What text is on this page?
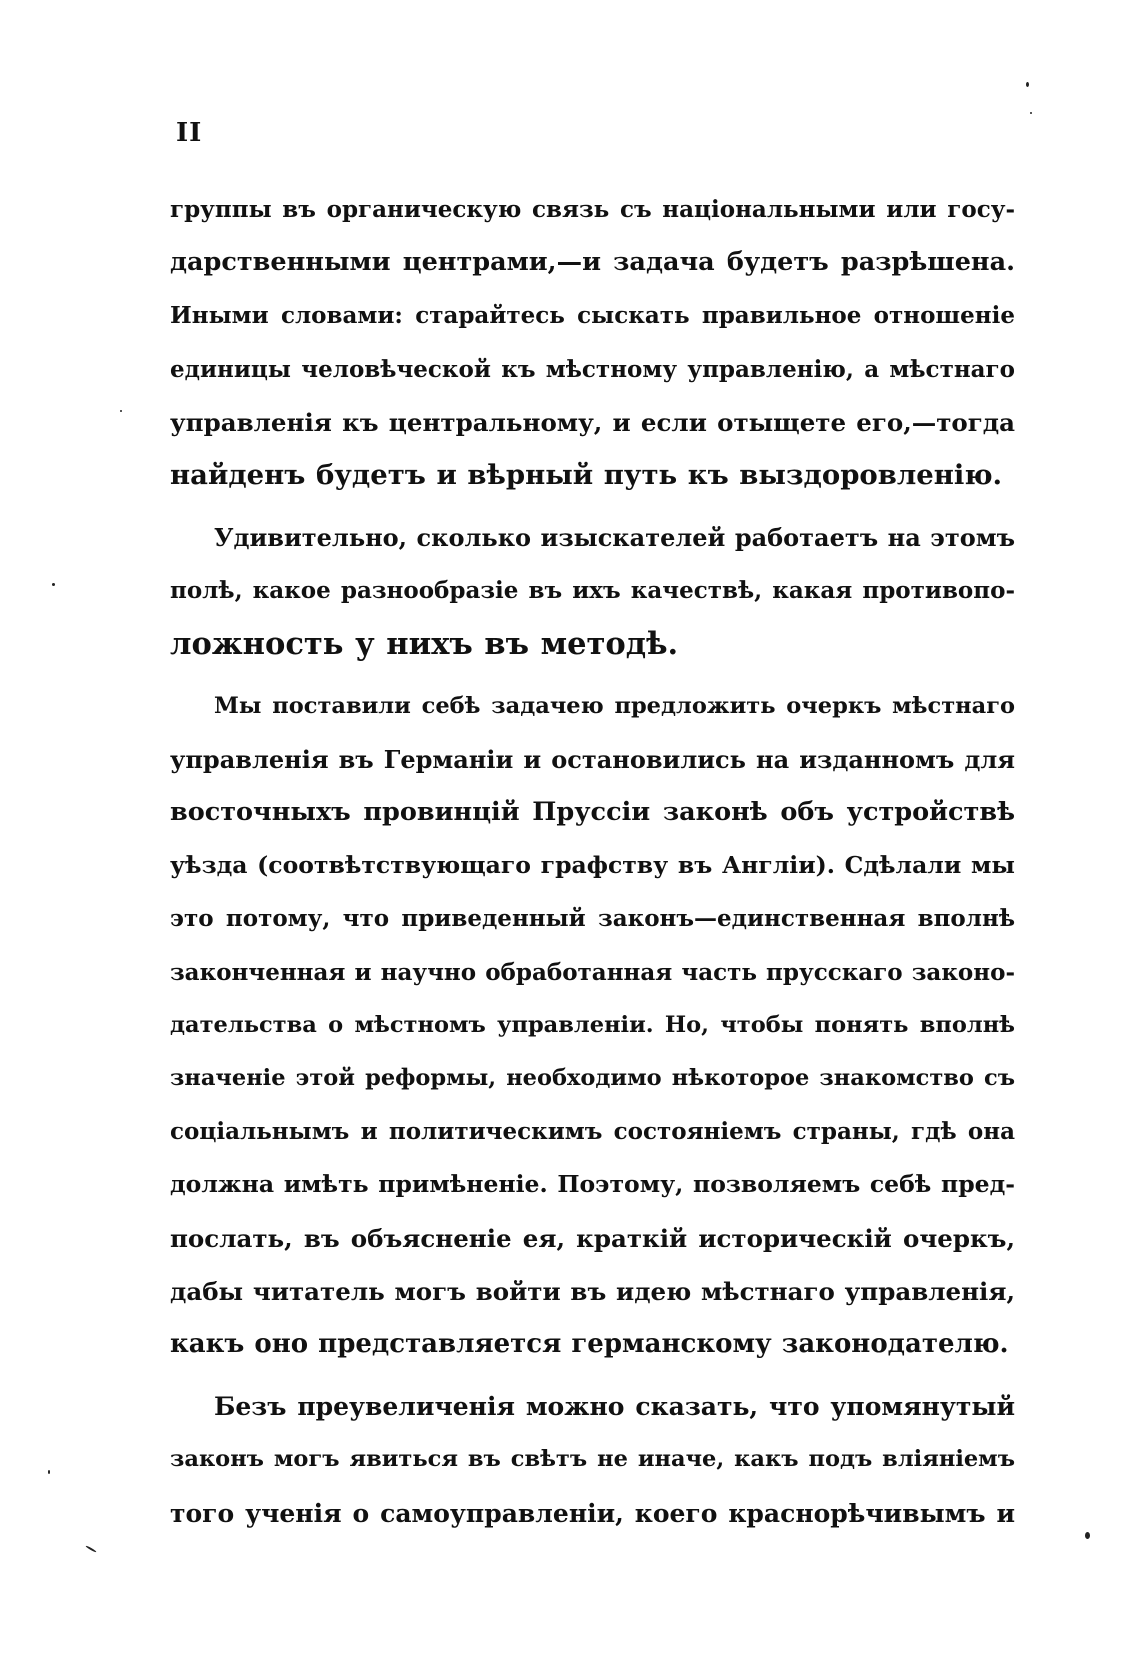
II
группы въ органическую связь съ національными или госу-
дарственными центрами,—и задача будетъ разрѣшена.
Иными словами: старайтесь сыскать правильное отношеніе
единицы человѣческой къ мѣстному управленію, а мѣстнаго
управленія къ центральному, и если отыщете его,—тогда
найденъ будетъ и вѣрный путь къ выздоровленію.
Удивительно, сколько изыскателей работаетъ на этомъ
полѣ, какое разнообразіе въ ихъ качествѣ, какая противопо-
ложность у нихъ въ методѣ.
Мы поставили себѣ задачею предложить очеркъ мѣстнаго
управленія въ Германіи и остановились на изданномъ для
восточныхъ провинцій Пруссіи законѣ объ устройствѣ
уѣзда (соотвѣтствующаго графству въ Англіи). Сдѣлали мы
это потому, что приведенный законъ—единственная вполнѣ
законченная и научно обработанная часть прусскаго законо-
дательства о мѣстномъ управленіи. Но, чтобы понять вполнѣ
значеніе этой реформы, необходимо нѣкоторое знакомство съ
соціальнымъ и политическимъ состояніемъ страны, гдѣ она
должна имѣть примѣненіе. Поэтому, позволяемъ себѣ пред-
послать, въ объясненіе ея, краткій историческій очеркъ,
дабы читатель могъ войти въ идею мѣстнаго управленія,
какъ оно представляется германскому законодателю.
Безъ преувеличенія можно сказать, что упомянутый
законъ могъ явиться въ свѣтъ не иначе, какъ подъ вліяніемъ
того ученія о самоуправленіи, коего краснорѣчивымъ и
